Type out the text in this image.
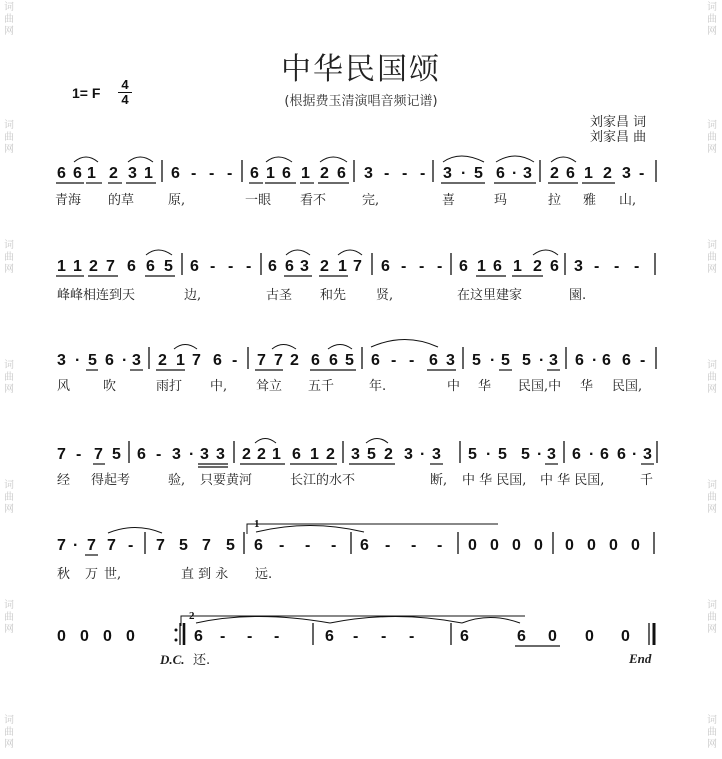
中华民国颂
(根据费玉清演唱音频记谱)
1= F
4
4
刘家昌 词
刘家昌 曲
词
曲
网
词
曲
网
词
曲
网
词
曲
网
词
曲
网
词
曲
网
词
曲
网
词
曲
网
词
曲
网
词
曲
网
词
曲
网
词
曲
网
词
曲
网
词
曲
网
6 6 1 2 3 1 6 - - - 6 1 6 1 2 6 3 - - - 3 · 5 6 · 3 2 6 1 2 3 -
青海 的草	原,	一眼 看不	完,	喜	玛	拉 雅 山,
1 1 2 7 6 6 5 6 - - - 6 6 3 2 1 7 6 - - - 6 1 6 1 2 6 3 - - -
峰峰相连到天	边,	古圣 和先 贤,	在这里建家	園.
3 · 5 6 · 3 2 1 7 6 - 7 7 2 6 6 5 6 - - 6 3 5 · 5 5 · 3 6 · 6 6 -
风	吹	雨打 中, 耸立 五千	年.	中 华 民国,中 华 民国,
7 - 7 5 6 - 3 · 3 3 2 2 1 6 1 2 3 5 2 3 · 3 5 · 5 5 · 3 6 · 6 6 · 3
经 得起考	验, 只要黄河	长江的水不	断, 中 华 民国, 中 华 民国,	千
1
7 · 7 7 - 7 5 7 5 6 - - - 6 - - - 0 0 0 0 0 0 0 0
秋 万 世,	直 到 永 远.
2
0 0 0 0	6 - - -	6 - - -	6	6 0 0 0
D.C. 还.	End
